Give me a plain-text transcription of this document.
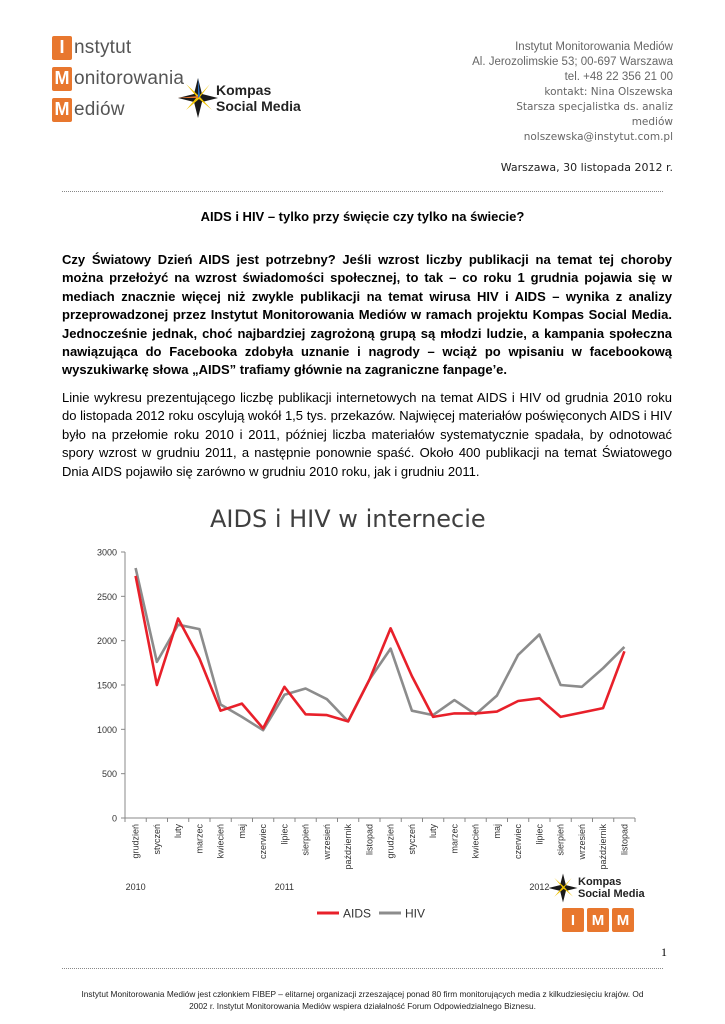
I nstytut
M onitorowania
M ediów
Kompas
Social Media
Instytut Monitorowania Mediów
Al. Jerozolimskie 53; 00-697 Warszawa
tel. +48 22 356 21 00
kontakt: Nina Olszewska
Starsza specjalistka ds. analiz
mediów
nolszewska@instytut.com.pl
Warszawa, 30 listopada 2012 r.
AIDS i HIV – tylko przy święcie czy tylko na świecie?
Czy Światowy Dzień AIDS jest potrzebny? Jeśli wzrost liczby publikacji na temat tej choroby można przełożyć na wzrost świadomości społecznej, to tak – co roku 1 grudnia pojawia się w mediach znacznie więcej niż zwykle publikacji na temat wirusa HIV i AIDS – wynika z analizy przeprowadzonej przez Instytut Monitorowania Mediów w ramach projektu Kompas Social Media. Jednocześnie jednak, choć najbardziej zagrożoną grupą są młodzi ludzie, a kampania społeczna nawiązująca do Facebooka zdobyła uznanie i nagrody – wciąż po wpisaniu w facebookową wyszukiwarkę słowa „AIDS” trafiamy głównie na zagraniczne fanpage’e.
Linie wykresu prezentującego liczbę publikacji internetowych na temat AIDS i HIV od grudnia 2010 roku do listopada 2012 roku oscylują wokół 1,5 tys. przekazów. Najwięcej materiałów poświęconych AIDS i HIV było na przełomie roku 2010 i 2011, później liczba materiałów systematycznie spadała, by odnotować spory wzrost w grudniu 2011, a następnie ponownie spaść. Około 400 publikacji na temat Światowego Dnia AIDS pojawiło się zarówno w grudniu 2010 roku, jak i grudniu 2011.
AIDS i HIV w internecie
0
500
1000
1500
2000
2500
3000
grudzień styczeń luty marzec kwiecień maj czerwiec lipiec sierpień wrzesień październik listopad grudzień styczeń luty marzec kwiecień maj czerwiec lipiec sierpień wrzesień październik listopad
2010	2011	2012
AIDS	HIV
Kompas
Social Media
I	M M
1
Instytut Monitorowania Mediów jest członkiem FIBEP – elitarnej organizacji zrzeszającej ponad 80 firm monitorujących media z kilkudziesięciu krajów. Od
2002 r. Instytut Monitorowania Mediów wspiera działalność Forum Odpowiedzialnego Biznesu.
